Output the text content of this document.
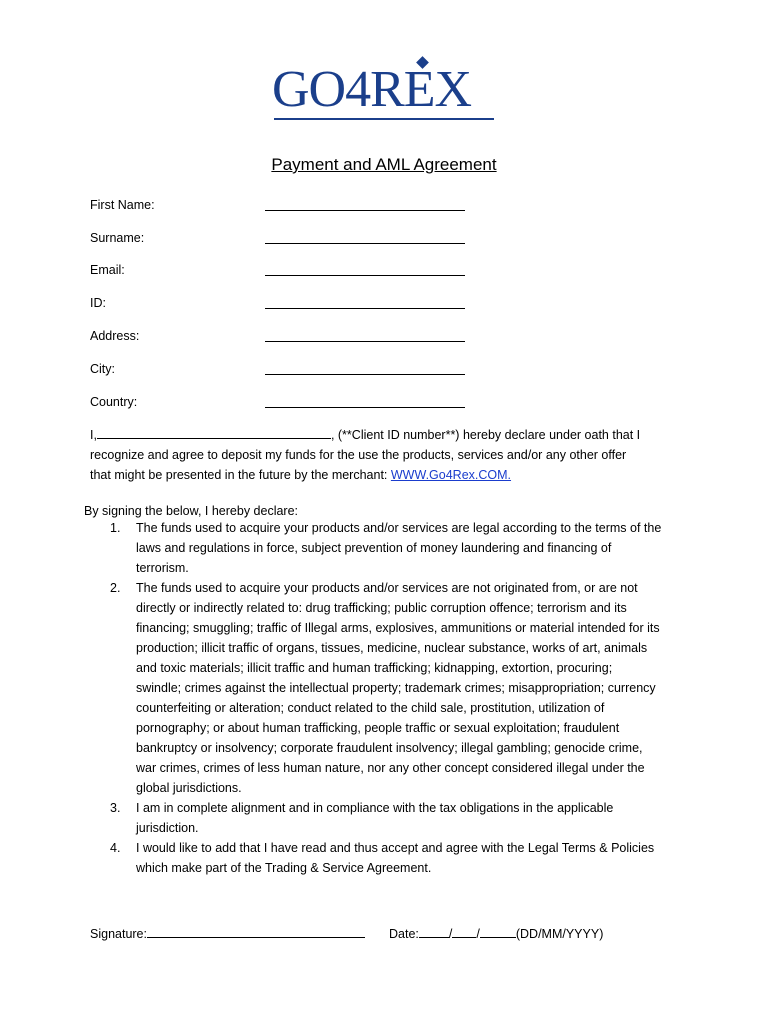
GO4REX
Payment and AML Agreement
First Name:
Surname:
Email:
ID:
Address:
City:
Country:
I,	, (**Client ID number**) hereby declare under oath that I
recognize and agree to deposit my funds for the use the products, services and/or any other offer
that might be presented in the future by the merchant: WWW.Go4Rex.COM.
By signing the below, I hereby declare:
1. The funds used to acquire your products and/or services are legal according to the terms of the
laws and regulations in force, subject prevention of money laundering and financing of
terrorism.
2. The funds used to acquire your products and/or services are not originated from, or are not
directly or indirectly related to: drug trafficking; public corruption offence; terrorism and its
financing; smuggling; traffic of Illegal arms, explosives, ammunitions or material intended for its
production; illicit traffic of organs, tissues, medicine, nuclear substance, works of art, animals
and toxic materials; illicit traffic and human trafficking; kidnapping, extortion, procuring;
swindle; crimes against the intellectual property; trademark crimes; misappropriation; currency
counterfeiting or alteration; conduct related to the child sale, prostitution, utilization of
pornography; or about human trafficking, people traffic or sexual exploitation; fraudulent
bankruptcy or insolvency; corporate fraudulent insolvency; illegal gambling; genocide crime,
war crimes, crimes of less human nature, nor any other concept considered illegal under the
global jurisdictions.
3. I am in complete alignment and in compliance with the tax obligations in the applicable
jurisdiction.
4. I would like to add that I have read and thus accept and agree with the Legal Terms & Policies
which make part of the Trading & Service Agreement.
Signature:	Date: / /	(DD/MM/YYYY)
